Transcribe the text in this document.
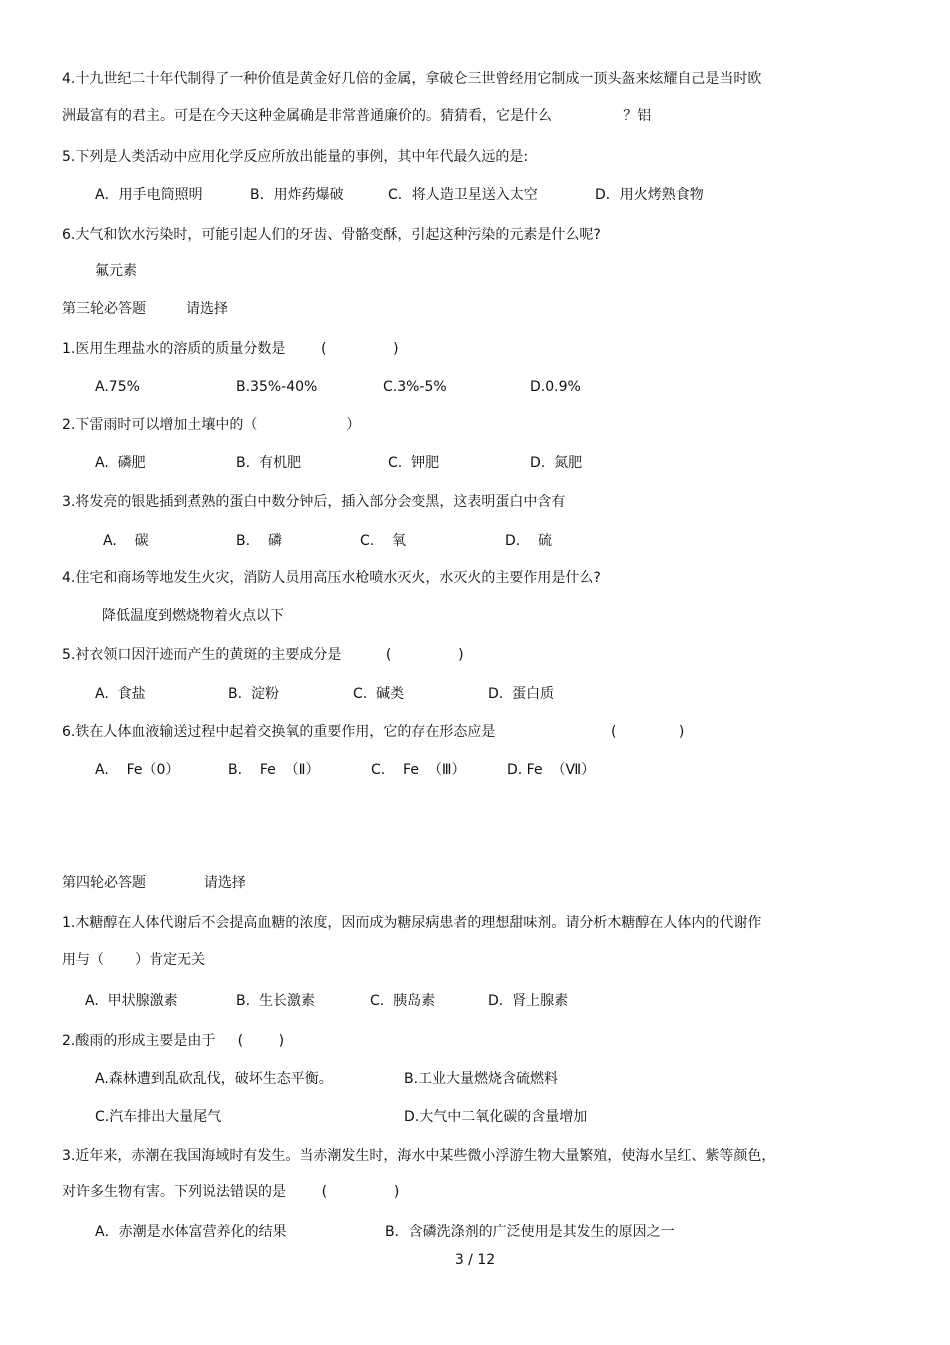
4.十九世纪二十年代制得了一种价值是黄金好几倍的金属，拿破仑三世曾经用它制成一顶头盔来炫耀自己是当时欧
洲最富有的君主。可是在今天这种金属确是非常普通廉价的。猜猜看，它是什么                ？铝
5.下列是人类活动中应用化学反应所放出能量的事例，其中年代最久远的是:
A．用手电筒照明	B．用炸药爆破	C．将人造卫星送入太空	D．用火烤熟食物
6.大气和饮水污染时，可能引起人们的牙齿、骨骼变酥，引起这种污染的元素是什么呢?
氟元素
第三轮必答题         请选择
1.医用生理盐水的溶质的质量分数是        (               )
A.75%	B.35%-40%	C.3%-5%	D.0.9%
2.下雷雨时可以增加土壤中的（                    ）
A.  磷肥	B.  有机肥	C.  钾肥	D.  氮肥
3.将发亮的银匙插到煮熟的蛋白中数分钟后，插入部分会变黑，这表明蛋白中含有
A.    碳	B.    磷	C.    氧	D.    硫
4.住宅和商场等地发生火灾，消防人员用高压水枪喷水灭火，水灭火的主要作用是什么?
降低温度到燃烧物着火点以下
5.衬衣领口因汗迹而产生的黄斑的主要成分是          (               )
A.  食盐	B.  淀粉	C.  碱类	D.  蛋白质
6.铁在人体血液输送过程中起着交换氧的重要作用，它的存在形态应是                          (              )
A.    Fe（0）	B.    Fe  （Ⅱ）	C.    Fe  （Ⅲ）	D. Fe  （Ⅶ）
第四轮必答题             请选择
1.木糖醇在人体代谢后不会提高血糖的浓度，因而成为糖尿病患者的理想甜味剂。请分析木糖醇在人体内的代谢作
用与（       ）肯定无关
A.  甲状腺激素	B.  生长激素	C.  胰岛素	D.  肾上腺素
2.酸雨的形成主要是由于     (        )
A.森林遭到乱砍乱伐，破坏生态平衡。	B.工业大量燃烧含硫燃料
C.汽车排出大量尾气	D.大气中二氧化碳的含量增加
3.近年来，赤潮在我国海域时有发生。当赤潮发生时，海水中某些微小浮游生物大量繁殖，使海水呈红、紫等颜色，
对许多生物有害。下列说法错误的是        (               )
A．赤潮是水体富营养化的结果	B．含磷洗涤剂的广泛使用是其发生的原因之一
3 / 12
